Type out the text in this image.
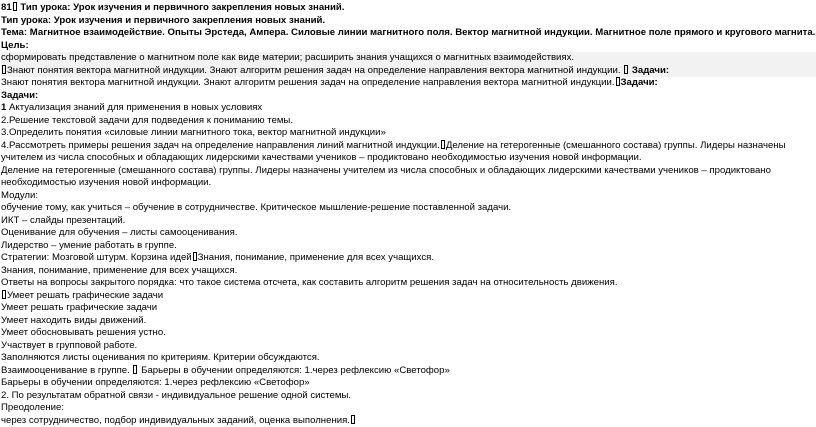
81 Тип урока: Урок изучения и первичного закрепления новых знаний.
Тип урока: Урок изучения и первичного закрепления новых знаний.
Тема: Магнитное взаимодействие. Опыты Эрстеда, Ампера. Силовые линии магнитного поля. Вектор магнитной индукции. Магнитное поле прямого и кругового магнита.
Цель:
сформировать представление о магнитном поле как виде материи; расширить знания учащихся о магнитных взаимодействиях.
Знают понятия вектора магнитной индукции. Знают алгоритм решения задач на определение направления вектора магнитной индукции. Задачи:
Знают понятия вектора магнитной индукции. Знают алгоритм решения задач на определение направления вектора магнитной индукции. Задачи:
Задачи:
1 Актуализация знаний для применения в новых условиях
2.Решение текстовой задачи для подведения к пониманию темы.
3.Определить понятия «силовые линии магнитного тока, вектор магнитной индукции»
4.Рассмотреть примеры решения задач на определение направления линий магнитной индукции. Деление на гетерогенные (смешанного состава) группы. Лидеры назначены учителем из числа способных и обладающих лидерскими качествами учеников – продиктовано необходимостью изучения новой информации.
Деление на гетерогенные (смешанного состава) группы. Лидеры назначены учителем из числа способных и обладающих лидерскими качествами учеников – продиктовано необходимостью изучения новой информации.
Модули:
обучение тому, как учиться – обучение в сотрудничестве. Критическое мышление-решение поставленной задачи.
ИКТ – слайды презентаций.
Оценивание для обучения – листы самооценивания.
Лидерство – умение работать в группе.
Стратегии: Мозговой штурм. Корзина идей Знания, понимание, применение для всех учащихся.
Знания, понимание, применение для всех учащихся.
Ответы на вопросы закрытого порядка: что такое система отсчета, как составить алгоритм решения задач на относительность движения.
Умеет решать графические задачи
Умеет решать графические задачи
Умеет находить виды движений.
Умеет обосновывать решения устно.
Участвует в групповой работе.
Заполняются листы оценивания по критериям. Критерии обсуждаются.
Взаимооценивание в группе. Барьеры в обучении определяются: 1.через рефлексию «Светофор»
Барьеры в обучении определяются: 1.через рефлексию «Светофор»
2. По результатам обратной связи - индивидуальное решение одной системы.
Преодоление:
через сотрудничество, подбор индивидуальных заданий, оценка выполнения.
